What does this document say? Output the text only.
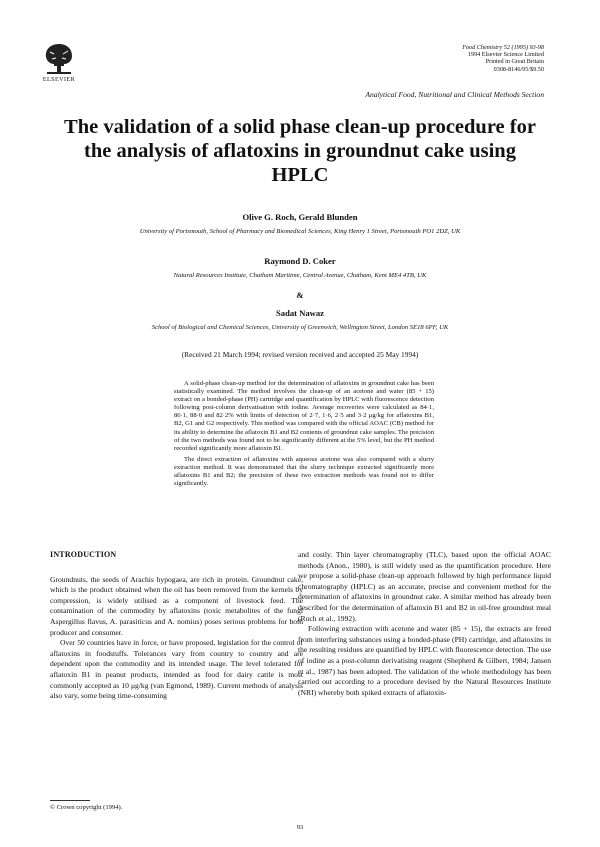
ELSEVIER
Food Chemistry 52 (1995) 93-98
1994 Elsevier Science Limited
Printed in Great Britain
0308-8146/95/$9.50
Analytical Food, Nutritional and Clinical Methods Section
The validation of a solid phase clean-up procedure for the analysis of aflatoxins in groundnut cake using HPLC
Olive G. Roch, Gerald Blunden
University of Portsmouth, School of Pharmacy and Biomedical Sciences, King Henry 1 Street, Portsmouth PO1 2DZ, UK
Raymond D. Coker
Natural Resources Institute, Chatham Maritime, Central Avenue, Chatham, Kent ME4 4TB, UK
&
Sadat Nawaz
School of Biological and Chemical Sciences, University of Greenwich, Wellington Street, London SE18 6PF, UK
(Received 21 March 1994; revised version received and accepted 25 May 1994)

A solid-phase clean-up method for the determination of aflatoxins in groundnut cake has been statistically examined. The method involves the clean-up of an acetone and water (85 + 15) extract on a bonded-phase (PH) cartridge and quantification by HPLC with fluorescence detection following post-column derivatisation with iodine. Average recoveries were calculated as 84·1, 86·1, 88·0 and 82·2% with limits of detection of 2·7, 1·6, 2·5 and 3·2 μg/kg for aflatoxins B1, B2, G1 and G2 respectively. This method was compared with the official AOAC (CB) method for its ability to determine the aflatoxin B1 and B2 contents of groundnut cake samples. The precision of the two methods was found not to be significantly different at the 5% level, but the PH method recorded significantly more aflatoxin B1.

The direct extraction of aflatoxins with aqueous acetone was also compared with a slurry extraction method. It was demonstrated that the slurry technique extracted significantly more aflatoxins B1 and B2; the precision of these two extraction methods was found not to differ significantly.

INTRODUCTION

Groundnuts, the seeds of Arachis hypogaea, are rich in protein. Groundnut cake, which is the product obtained when the oil has been removed from the kernels by compression, is widely utilised as a component of livestock feed. The contamination of the commodity by aflatoxins (toxic metabolites of the fungi Aspergillus flavus, A. parasiticus and A. nomius) poses serious problems for both producer and consumer.

Over 50 countries have in force, or have proposed, legislation for the control of aflatoxins in foodstuffs. Tolerances vary from country to country and are dependent upon the commodity and its intended usage. The level tolerated for aflatoxin B1 in peanut products, intended as food for dairy cattle is most commonly accepted as 10 μg/kg (van Egmond, 1989). Current methods of analysis also vary, some being time-consuming

and costly. Thin layer chromatography (TLC), based upon the official AOAC methods (Anon., 1980), is still widely used as the quantification procedure. Here we propose a solid-phase clean-up approach followed by high performance liquid chromatography (HPLC) as an accurate, precise and convenient method for the determination of aflatoxins in groundnut cake. A similar method has already been described for the determination of aflatoxin B1 and B2 in oil-free groundnut meal (Roch et al., 1992).

Following extraction with acetone and water (85 + 15), the extracts are freed from interfering substances using a bonded-phase (PH) cartridge, and aflatoxins in the resulting residues are quantified by HPLC with fluorescence detection. The use of iodine as a post-column derivatising reagent (Shepherd & Gilbert, 1984; Jansen et al., 1987) has been adopted. The validation of the whole methodology has been carried out according to a procedure devised by the Natural Resources Institute (NRI) whereby both spiked extracts of aflatoxin-

© Crown copyright (1994).
93
